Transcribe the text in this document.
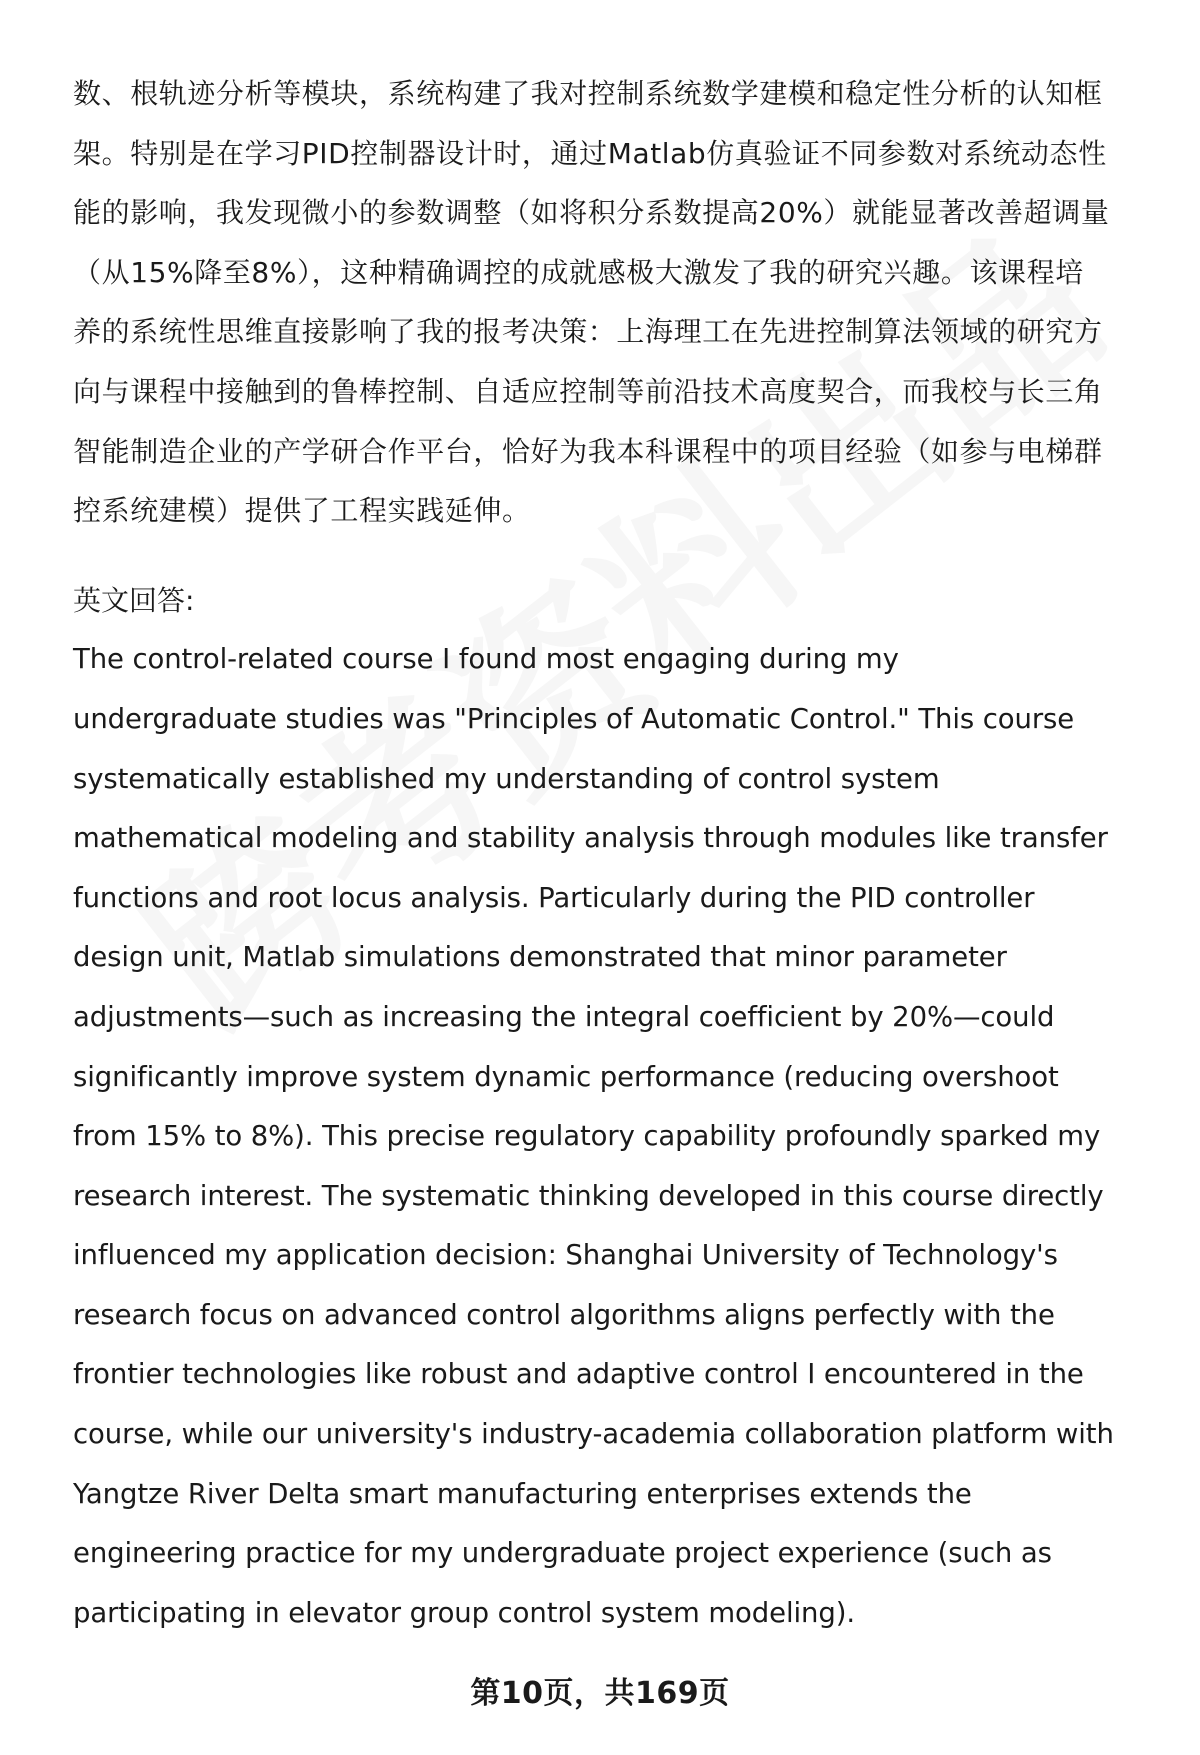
数、根轨迹分析等模块，系统构建了我对控制系统数学建模和稳定性分析的认知框
架。特别是在学习PID控制器设计时，通过Matlab仿真验证不同参数对系统动态性
能的影响，我发现微小的参数调整（如将积分系数提高20%）就能显著改善超调量
（从15%降至8%），这种精确调控的成就感极大激发了我的研究兴趣。该课程培
养的系统性思维直接影响了我的报考决策：上海理工在先进控制算法领域的研究方
向与课程中接触到的鲁棒控制、自适应控制等前沿技术高度契合，而我校与长三角
智能制造企业的产学研合作平台，恰好为我本科课程中的项目经验（如参与电梯群
控系统建模）提供了工程实践延伸。
英文回答:
The control-related course I found most engaging during my
undergraduate studies was "Principles of Automatic Control." This course
systematically established my understanding of control system
mathematical modeling and stability analysis through modules like transfer
functions and root locus analysis. Particularly during the PID controller
design unit, Matlab simulations demonstrated that minor parameter
adjustments—such as increasing the integral coefficient by 20%—could
significantly improve system dynamic performance (reducing overshoot
from 15% to 8%). This precise regulatory capability profoundly sparked my
research interest. The systematic thinking developed in this course directly
influenced my application decision: Shanghai University of Technology's
research focus on advanced control algorithms aligns perfectly with the
frontier technologies like robust and adaptive control I encountered in the
course, while our university's industry-academia collaboration platform with
Yangtze River Delta smart manufacturing enterprises extends the
engineering practice for my undergraduate project experience (such as
participating in elevator group control system modeling).
第10页，共169页
